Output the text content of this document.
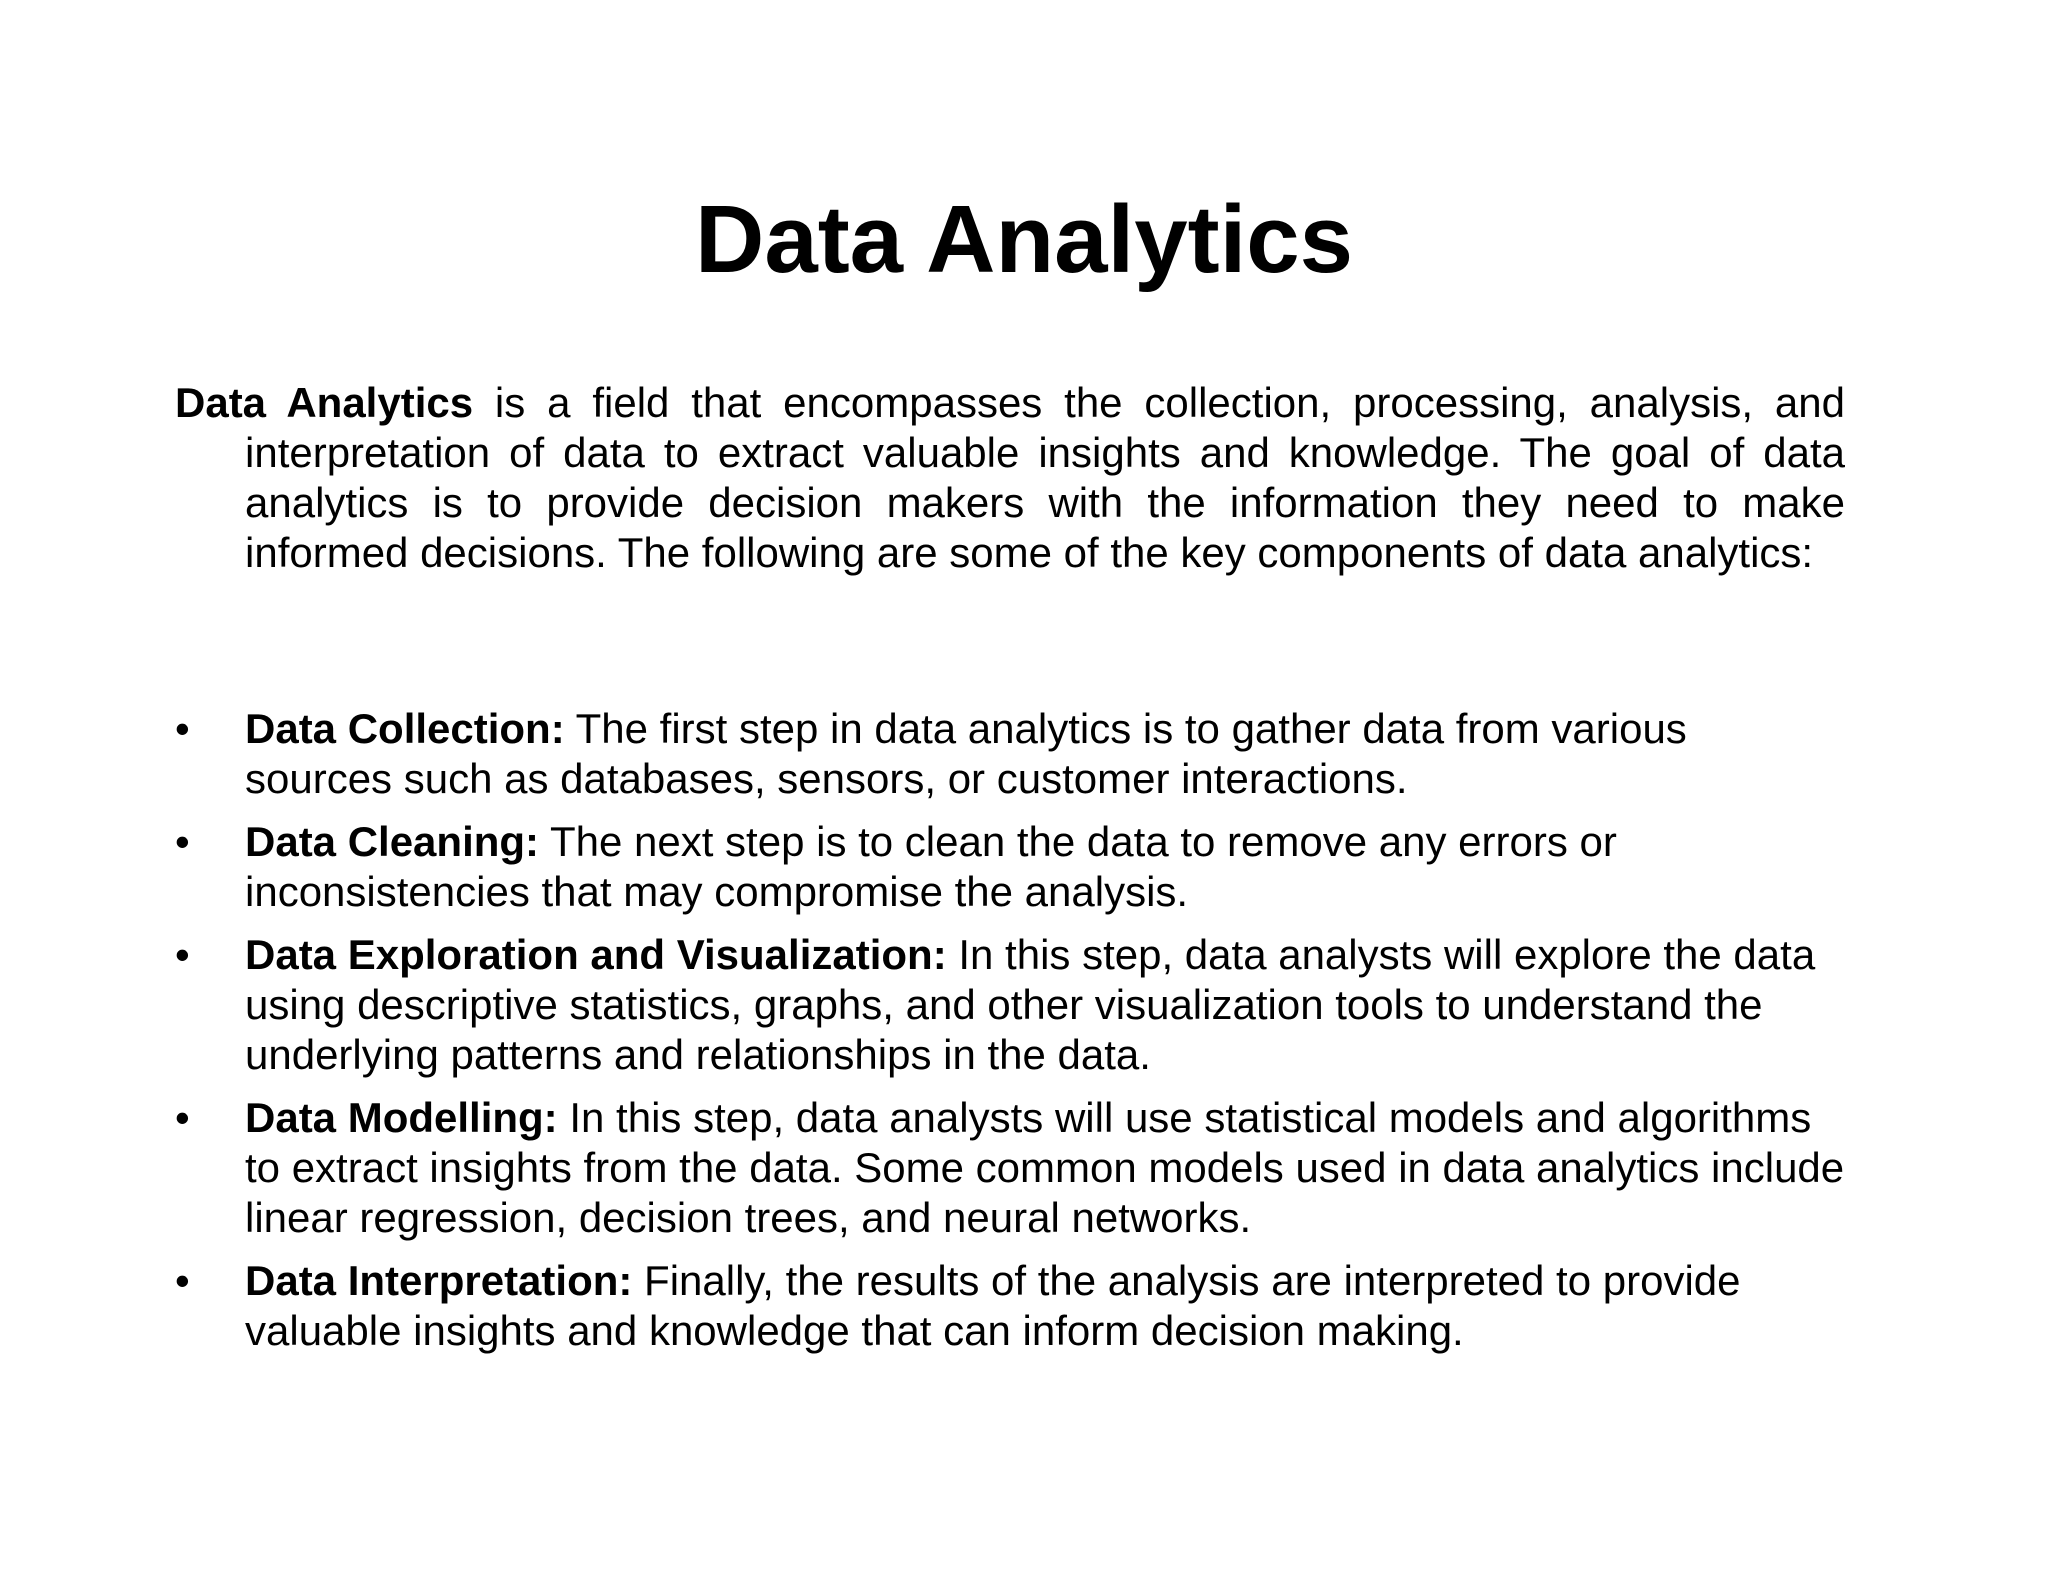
Data Analytics

Data Analytics is a field that encompasses the collection, processing, analysis, and interpretation of data to extract valuable insights and knowledge. The goal of data analytics is to provide decision makers with the information they need to make informed decisions. The following are some of the key components of data analytics:

•	Data Collection: The first step in data analytics is to gather data from various sources such as databases, sensors, or customer interactions.
•	Data Cleaning: The next step is to clean the data to remove any errors or inconsistencies that may compromise the analysis.
•	Data Exploration and Visualization: In this step, data analysts will explore the data using descriptive statistics, graphs, and other visualization tools to understand the underlying patterns and relationships in the data.
•	Data Modelling: In this step, data analysts will use statistical models and algorithms to extract insights from the data. Some common models used in data analytics include linear regression, decision trees, and neural networks.
•	Data Interpretation: Finally, the results of the analysis are interpreted to provide valuable insights and knowledge that can inform decision making.
